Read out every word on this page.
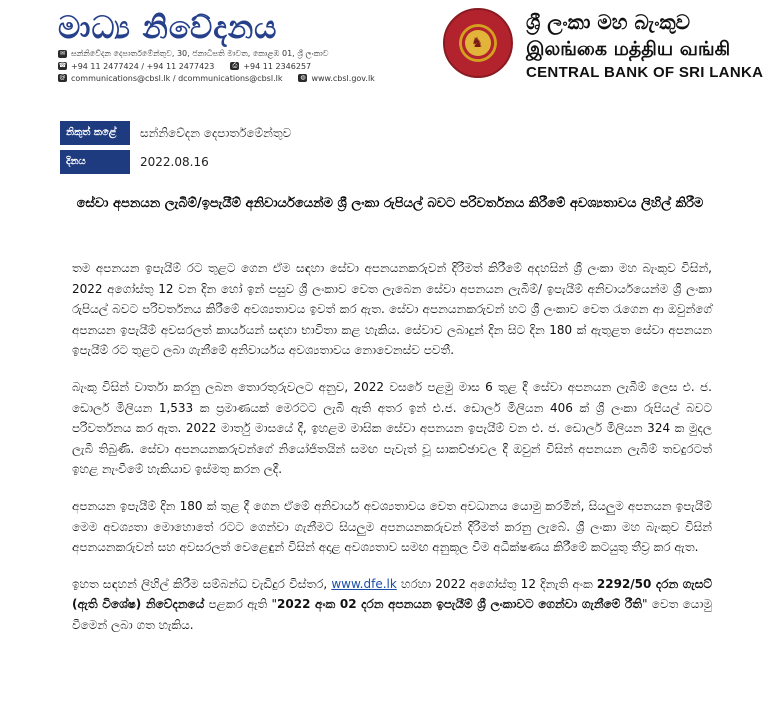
මාධ්‍ය නිවේදනය
✉ සන්නිවේදන දෙපාර්තමේන්තුව, 30, ජනාධිපති මාවත, කොළඹ 01, ශ්‍රී ලංකාව
☎ +94 11 2477424 / +94 11 2477423	⎙ +94 11 2346257
@ communications@cbsl.lk / dcommunications@cbsl.lk	◍ www.cbsl.gov.lk
♞
ශ්‍රී ලංකා මහ බැංකුව
இலங்கை மத்திய வங்கி
CENTRAL BANK OF SRI LANKA
නිකුත් කළේ	සන්නිවේදන දෙපාර්තමේන්තුව
දිනය	2022.08.16
සේවා අපනයන ලැබීම්/ඉපැයීම් අනිවාර්යයෙන්ම ශ්‍රී ලංකා රුපියල් බවට පරිවර්තනය කිරීමේ අවශ්‍යතාවය ලිහිල් කිරීම

තම අපනයන ඉපැයීම් රට තුළට ගෙන ඒම සඳහා සේවා අපනයනකරුවන් දිරිමත් කිරීමේ අදහසින් ශ්‍රී ලංකා මහ බැංකුව විසින්, 2022 අගෝස්තු 12 වන දින හෝ ඉන් පසුව ශ්‍රී ලංකාව වෙත ලැබෙන සේවා අපනයන ලැබීම්/ ඉපැයීම් අනිවාර්යයෙන්ම ශ්‍රී ලංකා රුපියල් බවට පරිවර්තනය කිරීමේ අවශ්‍යතාවය ඉවත් කර ඇත. සේවා අපනයනකරුවන් හට ශ්‍රී ලංකාව වෙත රැගෙන ආ ඔවුන්ගේ අපනයන ඉපැයීම් අවසරලත් කාර්යයන් සඳහා භාවිතා කළ හැකිය. සේවාව ලබාදුන් දින සිට දින 180 ක් ඇතුළත සේවා අපනයන ඉපැයීම් රට තුළට ලබා ගැනීමේ අනිවාර්යය අවශ්‍යතාවය නොවෙනස්ව පවතී.

බැංකු විසින් වාර්තා කරනු ලබන තොරතුරුවලට අනුව, 2022 වසරේ පළමු මාස 6 තුළ දී සේවා අපනයන ලැබීම් ලෙස එ. ජ. ඩොලර් මිලියන 1,533 ක ප්‍රමාණයක් මෙරටට ලැබී ඇති අතර ඉන් එ.ජ. ඩොලර් මිලියන 406 ක් ශ්‍රී ලංකා රුපියල් බවට පරිවර්තනය කර ඇත. 2022 මාර්තු මාසයේ දී, ඉහළම මාසික සේවා අපනයන ඉපැයීම් වන එ. ජ. ඩොලර් මිලියන 324 ක මුදල ලැබී තිබුණි. සේවා අපනයනකරුවන්ගේ නියෝජිතයින් සමඟ පැවැත් වූ සාකච්ඡාවල දී ඔවුන් විසින් අපනයන ලැබීම් තවදුරටත් ඉහළ නැංවීමේ හැකියාව ඉස්මතු කරන ලදී.

අපනයන ඉපැයීම් දින 180 ක් තුළ දී ගෙන ඒමේ අනිවාර්ය අවශ්‍යතාවය වෙත අවධානය යොමු කරමින්, සියලුම අපනයන ඉපැයීම් මෙම අවශ්‍යතා මොහොතේ රටට ගෙන්වා ගැනීමට සියලුම අපනයනකරුවන් දිරිමත් කරනු ලැබේ. ශ්‍රී ලංකා මහ බැංකුව විසින් අපනයනකරුවන් සහ අවසරලත් වෙළෙඳුන් විසින් අදාළ අවශ්‍යතාව සමඟ අනුකූල වීම අධීක්ෂණය කිරීමේ කටයුතු තීව්‍ර කර ඇත.

ඉහත සඳහන් ලිහිල් කිරීම සම්බන්ධ වැඩිදුර විස්තර, www.dfe.lk හරහා 2022 අගෝස්තු 12 දිනැති අංක 2292/50 දරන ගැසට් (ඇති විශේෂ) නිවේදනයේ පළකර ඇති "2022 අංක 02 දරන අපනයන ඉපැයීම් ශ්‍රී ලංකාවට ගෙන්වා ගැනීමේ රීති" වෙත යොමු වීමෙන් ලබා ගත හැකිය.
